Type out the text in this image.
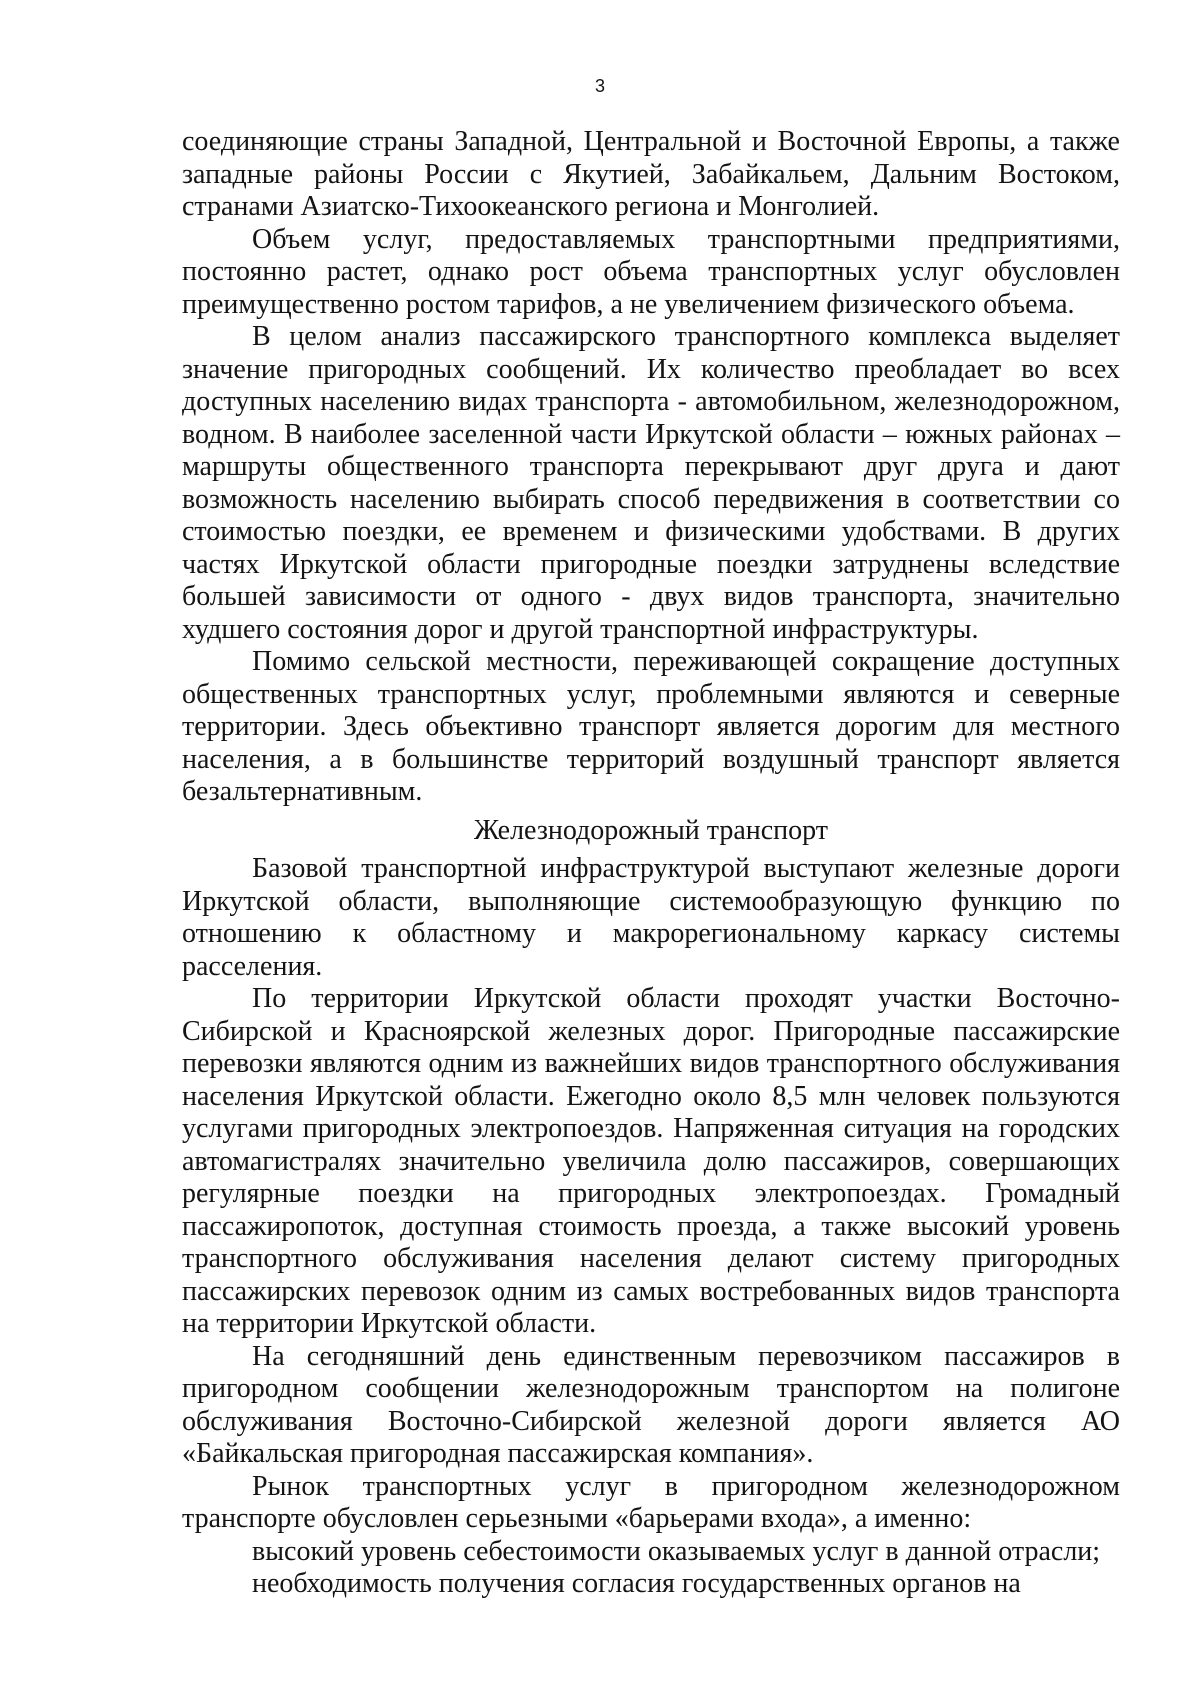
3

соединяющие страны Западной, Центральной и Восточной Европы, а также западные районы России с Якутией, Забайкальем, Дальним Востоком, странами Азиатско-Тихоокеанского региона и Монголией.

Объем услуг, предоставляемых транспортными предприятиями, постоянно растет, однако рост объема транспортных услуг обусловлен преимущественно ростом тарифов, а не увеличением физического объема.

В целом анализ пассажирского транспортного комплекса выделяет значение пригородных сообщений. Их количество преобладает во всех доступных населению видах транспорта - автомобильном, железнодорожном, водном. В наиболее заселенной части Иркутской области – южных районах – маршруты общественного транспорта перекрывают друг друга и дают возможность населению выбирать способ передвижения в соответствии со стоимостью поездки, ее временем и физическими удобствами. В других частях Иркутской области пригородные поездки затруднены вследствие большей зависимости от одного - двух видов транспорта, значительно худшего состояния дорог и другой транспортной инфраструктуры.

Помимо сельской местности, переживающей сокращение доступных общественных транспортных услуг, проблемными являются и северные территории. Здесь объективно транспорт является дорогим для местного населения, а в большинстве территорий воздушный транспорт является безальтернативным.

Железнодорожный транспорт

Базовой транспортной инфраструктурой выступают железные дороги Иркутской области, выполняющие системообразующую функцию по отношению к областному и макрорегиональному каркасу системы расселения.

По территории Иркутской области проходят участки Восточно-Сибирской и Красноярской железных дорог. Пригородные пассажирские перевозки являются одним из важнейших видов транспортного обслуживания населения Иркутской области. Ежегодно около 8,5 млн человек пользуются услугами пригородных электропоездов. Напряженная ситуация на городских автомагистралях значительно увеличила долю пассажиров, совершающих регулярные поездки на пригородных электропоездах. Громадный пассажиропоток, доступная стоимость проезда, а также высокий уровень транспортного обслуживания населения делают систему пригородных пассажирских перевозок одним из самых востребованных видов транспорта на территории Иркутской области.

На сегодняшний день единственным перевозчиком пассажиров в пригородном сообщении железнодорожным транспортом на полигоне обслуживания Восточно-Сибирской железной дороги является АО «Байкальская пригородная пассажирская компания».

Рынок транспортных услуг в пригородном железнодорожном транспорте обусловлен серьезными «барьерами входа», а именно:

высокий уровень себестоимости оказываемых услуг в данной отрасли;

необходимость получения согласия государственных органов на
